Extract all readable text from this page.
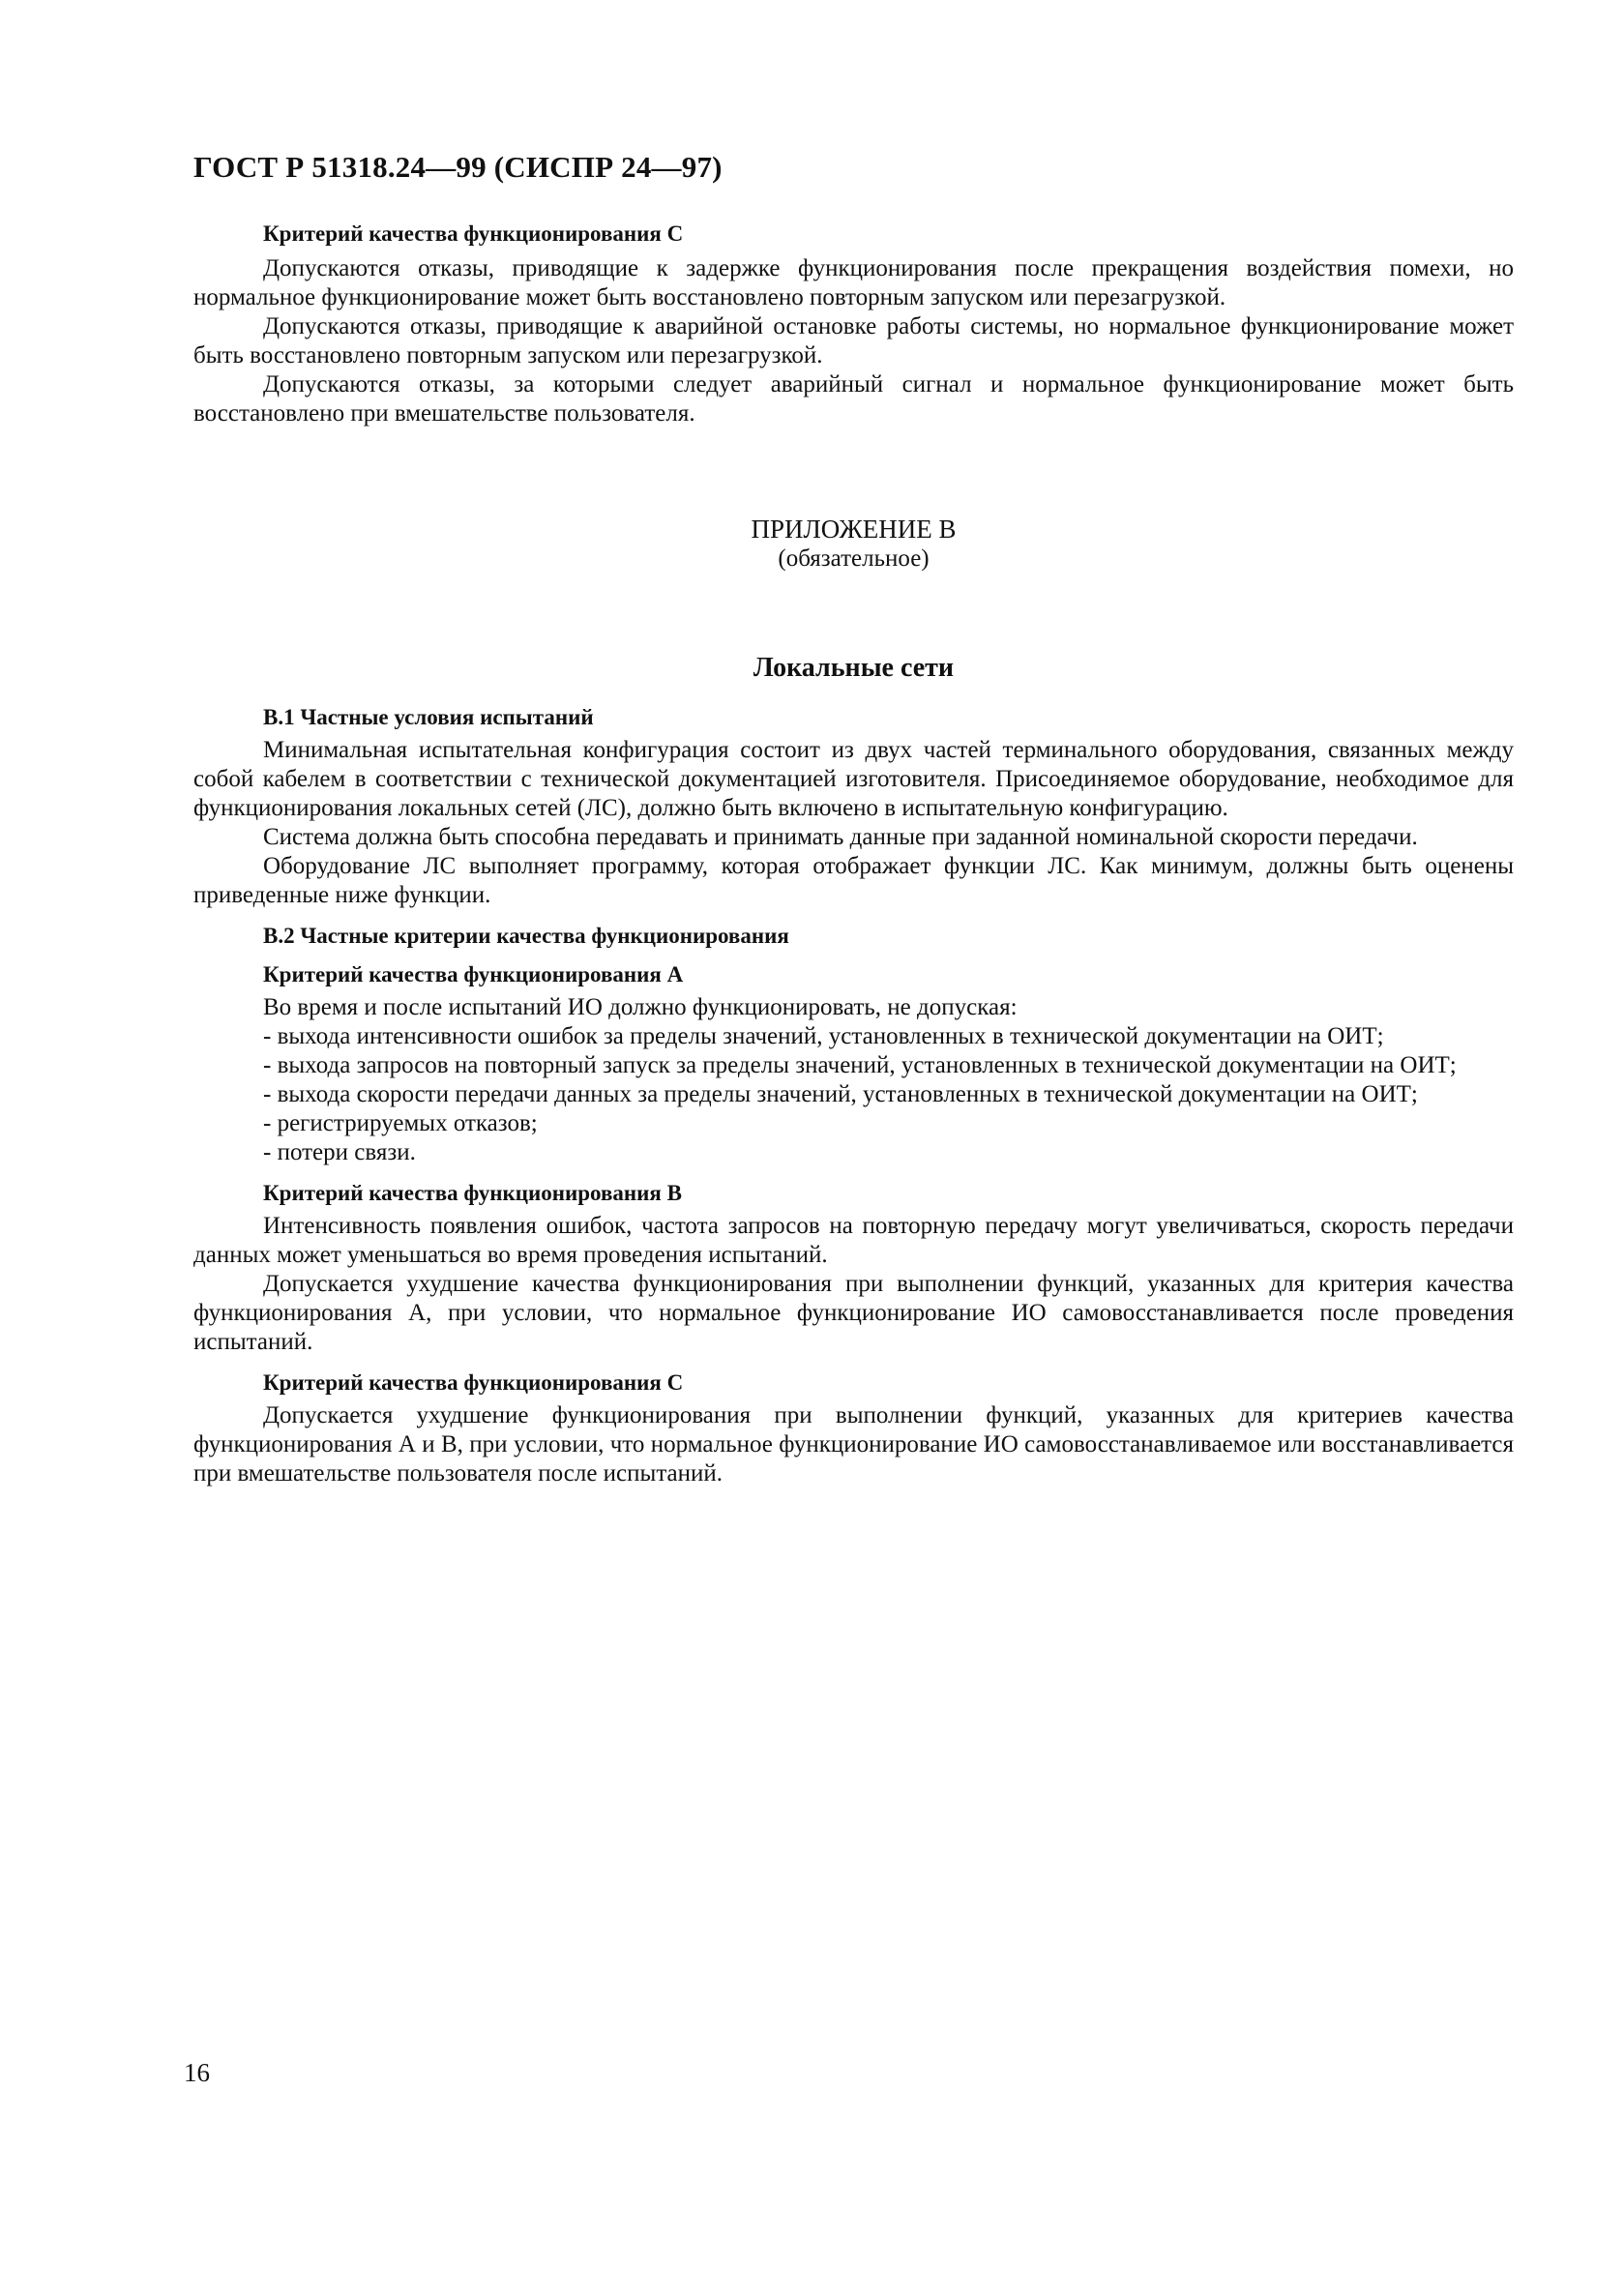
ГОСТ Р 51318.24—99 (СИСПР 24—97)
Критерий качества функционирования С

Допускаются отказы, приводящие к задержке функционирования после прекращения воздействия помехи, но нормальное функционирование может быть восстановлено повторным запуском или перезагрузкой.

Допускаются отказы, приводящие к аварийной остановке работы системы, но нормальное функционирование может быть восстановлено повторным запуском или перезагрузкой.

Допускаются отказы, за которыми следует аварийный сигнал и нормальное функционирование может быть восстановлено при вмешательстве пользователя.

ПРИЛОЖЕНИЕ В
(обязательное)
Локальные сети
В.1 Частные условия испытаний

Минимальная испытательная конфигурация состоит из двух частей терминального оборудования, связанных между собой кабелем в соответствии с технической документацией изготовителя. Присоединяемое оборудование, необходимое для функционирования локальных сетей (ЛС), должно быть включено в испытательную конфигурацию.

Система должна быть способна передавать и принимать данные при заданной номинальной скорости передачи.

Оборудование ЛС выполняет программу, которая отображает функции ЛС. Как минимум, должны быть оценены приведенные ниже функции.

В.2 Частные критерии качества функционирования
Критерий качества функционирования А

Во время и после испытаний ИО должно функционировать, не допуская:

- выхода интенсивности ошибок за пределы значений, установленных в технической документации на ОИТ;

- выхода запросов на повторный запуск за пределы значений, установленных в технической документации на ОИТ;

- выхода скорости передачи данных за пределы значений, установленных в технической документации на ОИТ;

- регистрируемых отказов;

- потери связи.

Критерий качества функционирования В

Интенсивность появления ошибок, частота запросов на повторную передачу могут увеличиваться, скорость передачи данных может уменьшаться во время проведения испытаний.

Допускается ухудшение качества функционирования при выполнении функций, указанных для критерия качества функционирования А, при условии, что нормальное функционирование ИО самовосстанавливается после проведения испытаний.

Критерий качества функционирования С

Допускается ухудшение функционирования при выполнении функций, указанных для критериев качества функционирования А и В, при условии, что нормальное функционирование ИО самовосстанавливаемое или восстанавливается при вмешательстве пользователя после испытаний.

16
